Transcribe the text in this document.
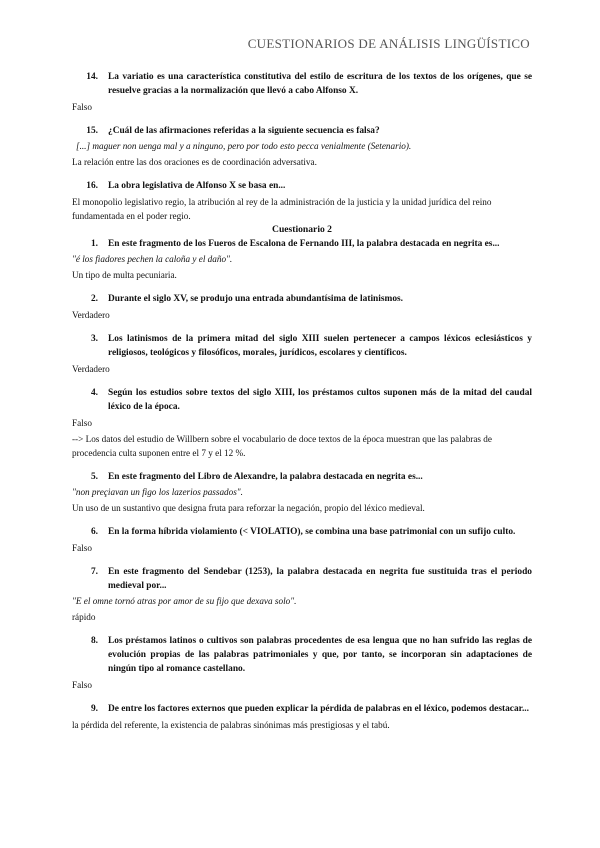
CUESTIONARIOS DE ANÁLISIS LINGÜÍSTICO
14.	La variatio es una característica constitutiva del estilo de escritura de los textos de los orígenes, que se resuelve gracias a la normalización que llevó a cabo Alfonso X.
Falso
15.	¿Cuál de las afirmaciones referidas a la siguiente secuencia es falsa?
[...] maguer non uenga mal y a ninguno, pero por todo esto pecca venialmente (Setenario).
La relación entre las dos oraciones es de coordinación adversativa.
16.	La obra legislativa de Alfonso X se basa en...
El monopolio legislativo regio, la atribución al rey de la administración de la justicia y la unidad jurídica del reino fundamentada en el poder regio.
Cuestionario 2
1.	En este fragmento de los Fueros de Escalona de Fernando III, la palabra destacada en negrita es...
"é los fiadores pechen la caloña y el daño".
Un tipo de multa pecuniaria.
2.	Durante el siglo XV, se produjo una entrada abundantísima de latinismos.
Verdadero
3.	Los latinismos de la primera mitad del siglo XIII suelen pertenecer a campos léxicos eclesiásticos y religiosos, teológicos y filosóficos, morales, jurídicos, escolares y científicos.
Verdadero
4.	Según los estudios sobre textos del siglo XIII, los préstamos cultos suponen más de la mitad del caudal léxico de la época.
Falso
--> Los datos del estudio de Willbern sobre el vocabulario de doce textos de la época muestran que las palabras de procedencia culta suponen entre el 7 y el 12 %.
5.	En este fragmento del Libro de Alexandre, la palabra destacada en negrita es...
"non preçiavan un figo los lazerios passados".
Un uso de un sustantivo que designa fruta para reforzar la negación, propio del léxico medieval.
6.	En la forma híbrida violamiento (< VIOLATIO), se combina una base patrimonial con un sufijo culto.
Falso
7.	En este fragmento del Sendebar (1253), la palabra destacada en negrita fue sustituida tras el periodo medieval por...
"E el omne tornó atras por amor de su fijo que dexava solo".
rápido
8.	Los préstamos latinos o cultivos son palabras procedentes de esa lengua que no han sufrido las reglas de evolución propias de las palabras patrimoniales y que, por tanto, se incorporan sin adaptaciones de ningún tipo al romance castellano.
Falso
9.	De entre los factores externos que pueden explicar la pérdida de palabras en el léxico, podemos destacar...
la pérdida del referente, la existencia de palabras sinónimas más prestigiosas y el tabú.
